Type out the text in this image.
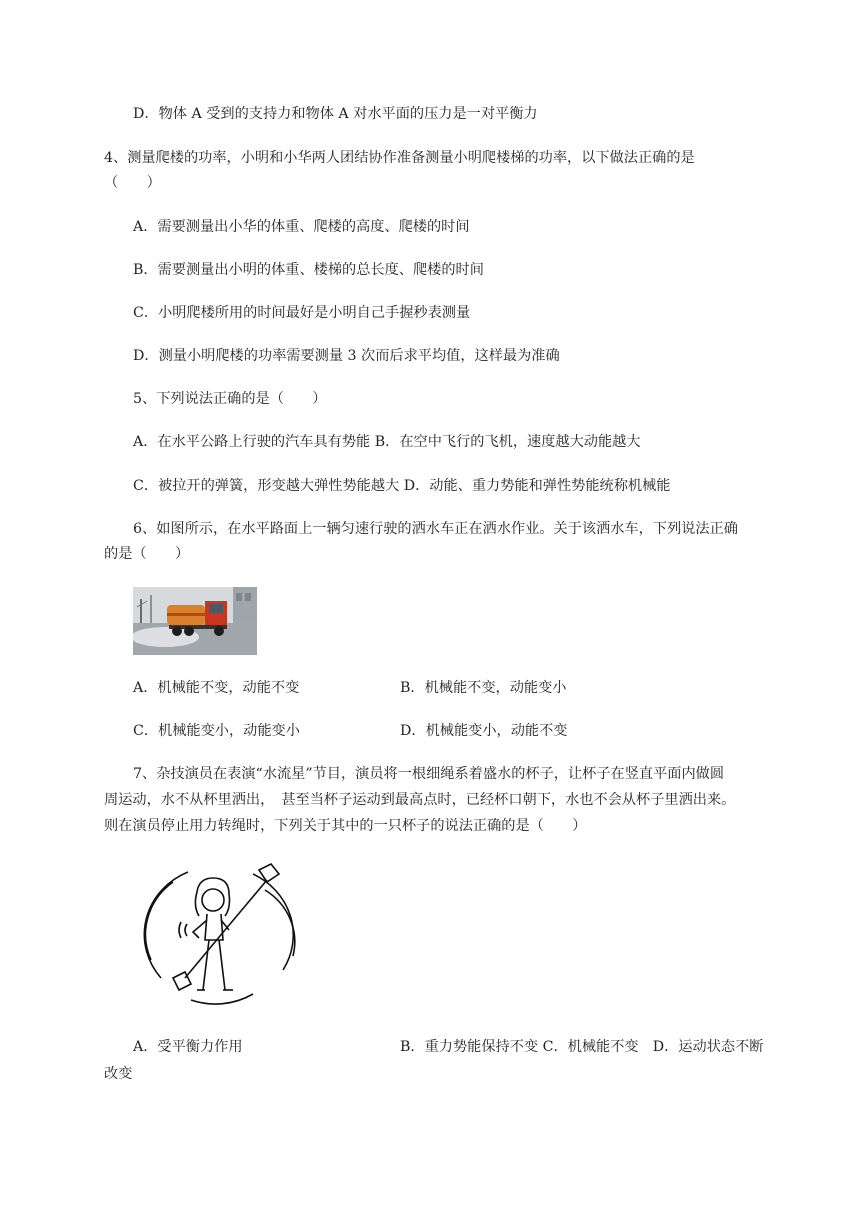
D．物体 A 受到的支持力和物体 A 对水平面的压力是一对平衡力
4、测量爬楼的功率，小明和小华两人团结协作准备测量小明爬楼梯的功率，以下做法正确的是
（　　）
A．需要测量出小华的体重、爬楼的高度、爬楼的时间
B．需要测量出小明的体重、楼梯的总长度、爬楼的时间
C．小明爬楼所用的时间最好是小明自己手握秒表测量
D．测量小明爬楼的功率需要测量 3 次而后求平均值，这样最为准确
5、下列说法正确的是（　　）
A．在水平公路上行驶的汽车具有势能 B．在空中飞行的飞机，速度越大动能越大
C．被拉开的弹簧，形变越大弹性势能越大 D．动能、重力势能和弹性势能统称机械能
6、如图所示，在水平路面上一辆匀速行驶的洒水车正在洒水作业。关于该洒水车，下列说法正确
的是（　　）
A．机械能不变，动能不变	B．机械能不变，动能变小
C．机械能变小，动能变小	D．机械能变小，动能不变
7、杂技演员在表演“水流星”节目，演员将一根细绳系着盛水的杯子，让杯子在竖直平面内做圆
周运动，水不从杯里洒出，　甚至当杯子运动到最高点时，已经杯口朝下，水也不会从杯子里洒出来。
则在演员停止用力转绳时，下列关于其中的一只杯子的说法正确的是（　　）
A．受平衡力作用	B．重力势能保持不变 C．机械能不变　D．运动状态不断
改变
